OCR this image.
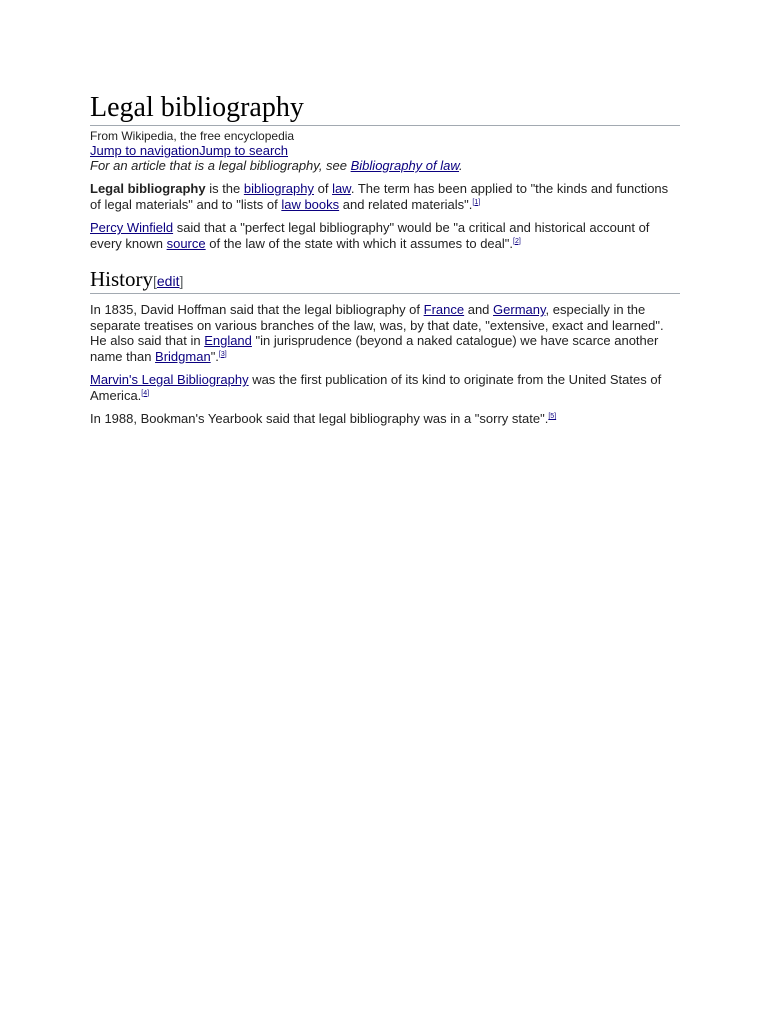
Legal bibliography
From Wikipedia, the free encyclopedia
Jump to navigationJump to search
For an article that is a legal bibliography, see Bibliography of law.

Legal bibliography is the bibliography of law. The term has been applied to "the kinds and functions of legal materials" and to "lists of law books and related materials".[1]

Percy Winfield said that a "perfect legal bibliography" would be "a critical and historical account of every known source of the law of the state with which it assumes to deal".[2]

History[edit]

In 1835, David Hoffman said that the legal bibliography of France and Germany, especially in the separate treatises on various branches of the law, was, by that date, "extensive, exact and learned". He also said that in England "in jurisprudence (beyond a naked catalogue) we have scarce another name than Bridgman".[3]

Marvin's Legal Bibliography was the first publication of its kind to originate from the United States of America.[4]

In 1988, Bookman's Yearbook said that legal bibliography was in a "sorry state".[5]
